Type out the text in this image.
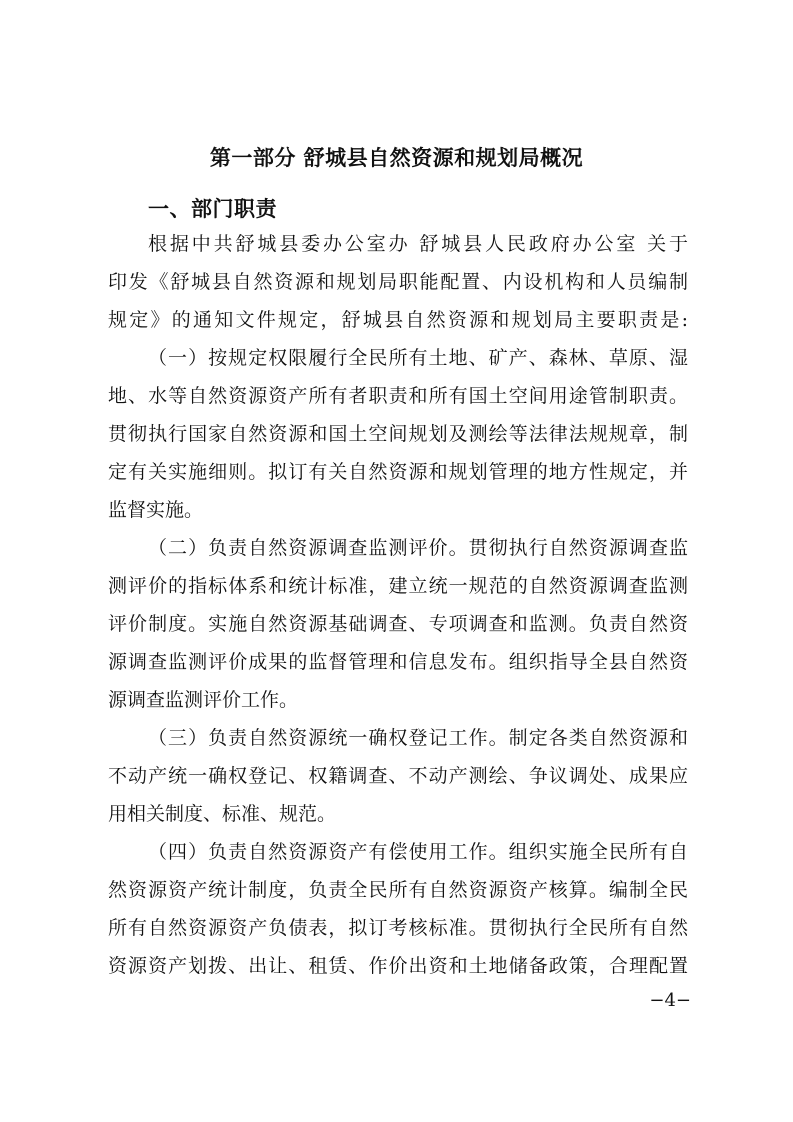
第一部分 舒城县自然资源和规划局概况
一、部门职责
根据中共舒城县委办公室办 舒城县人民政府办公室 关于
印发《舒城县自然资源和规划局职能配置、内设机构和人员编制
规定》的通知文件规定，舒城县自然资源和规划局主要职责是:
（一）按规定权限履行全民所有土地、矿产、森林、草原、湿
地、水等自然资源资产所有者职责和所有国土空间用途管制职责。
贯彻执行国家自然资源和国土空间规划及测绘等法律法规规章，制
定有关实施细则。拟订有关自然资源和规划管理的地方性规定，并
监督实施。
（二）负责自然资源调查监测评价。贯彻执行自然资源调查监
测评价的指标体系和统计标准，建立统一规范的自然资源调查监测
评价制度。实施自然资源基础调查、专项调查和监测。负责自然资
源调查监测评价成果的监督管理和信息发布。组织指导全县自然资
源调查监测评价工作。
（三）负责自然资源统一确权登记工作。制定各类自然资源和
不动产统一确权登记、权籍调查、不动产测绘、争议调处、成果应
用相关制度、标准、规范。
（四）负责自然资源资产有偿使用工作。组织实施全民所有自
然资源资产统计制度，负责全民所有自然资源资产核算。编制全民
所有自然资源资产负债表，拟订考核标准。贯彻执行全民所有自然
资源资产划拨、出让、租赁、作价出资和土地储备政策，合理配置
−4−
